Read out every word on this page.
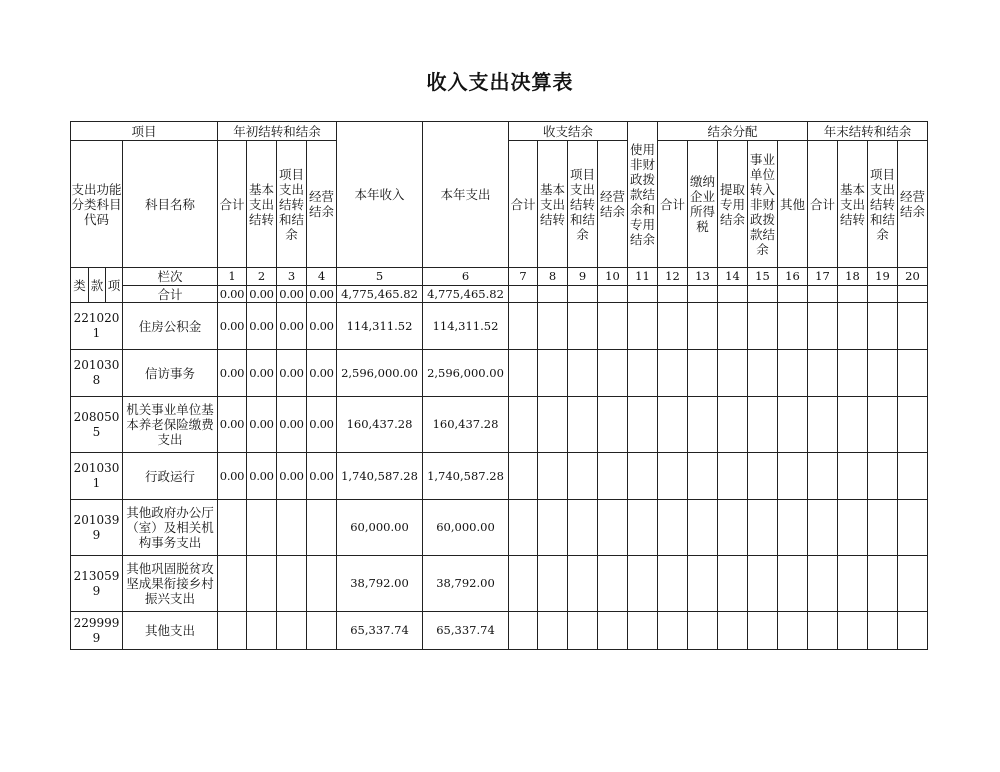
收入支出决算表
项目				年初结转和结余				本年收入	本年支出	收支结余				使用非财政拨款结余和专用结余	结余分配					年末结转和结余			
支出功能分类科目代码			科目名称	合计	基本支出结转	项目支出结转和结余	经营结余			合计	基本支出结转	项目支出结转和结余	经营结余		合计	缴纳企业所得税	提取专用结余	事业单位转入非财政拨款结余	其他	合计	基本支出结转	项目支出结转和结余	经营结余
类	款	项	栏次	1	2	3	4	5	6	7	8	9	10	11	12	13	14	15	16	17	18	19	20
			合计	0.00	0.00	0.00	0.00	4,775,465.82	4,775,465.82														
2210201			住房公积金	0.00	0.00	0.00	0.00	114,311.52	114,311.52														
2010308			信访事务	0.00	0.00	0.00	0.00	2,596,000.00	2,596,000.00														
2080505			机关事业单位基本养老保险缴费支出	0.00	0.00	0.00	0.00	160,437.28	160,437.28														
2010301			行政运行	0.00	0.00	0.00	0.00	1,740,587.28	1,740,587.28														
2010399			其他政府办公厅（室）及相关机构事务支出					60,000.00	60,000.00														
2130599			其他巩固脱贫攻坚成果衔接乡村振兴支出					38,792.00	38,792.00														
2299999			其他支出					65,337.74	65,337.74														
